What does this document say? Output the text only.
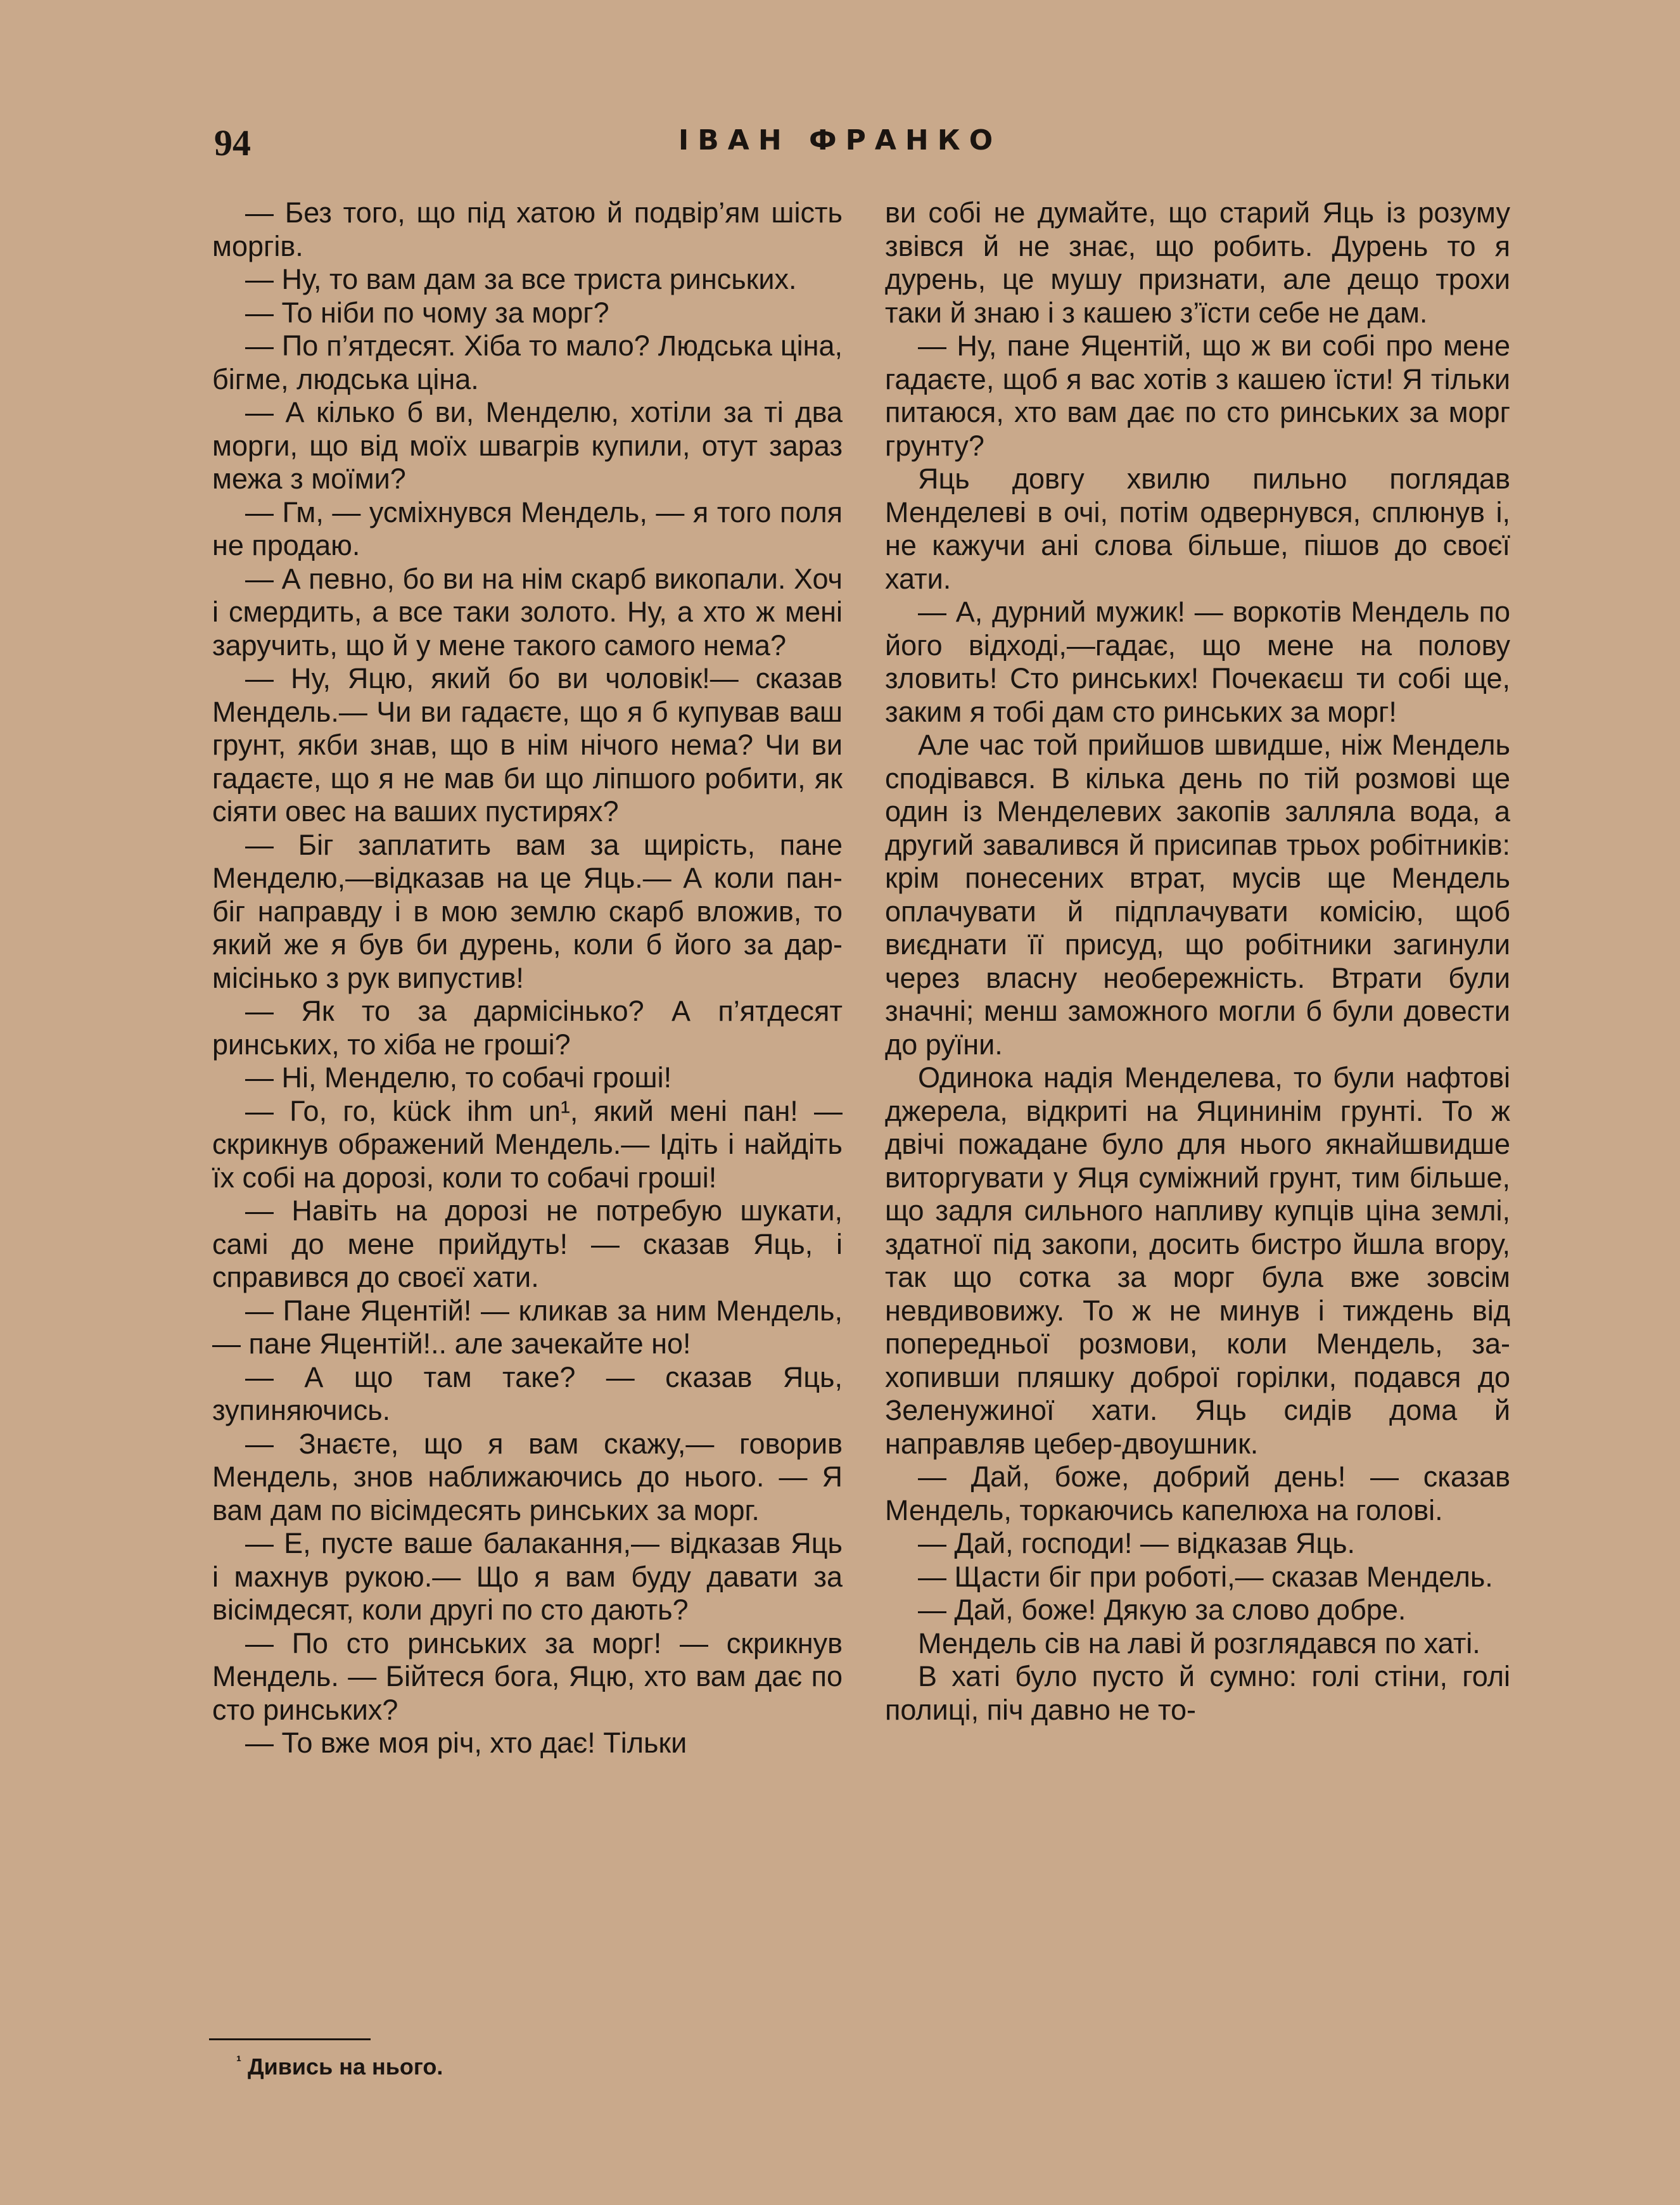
94	ІВАН ФРАНКО

— Без того, що під хатою й подвір’ям шість моргів.

— Ну, то вам дам за все триста ринських.

— То ніби по чому за морг?

— По п’ятдесят. Хіба то мало? Людська ціна, бігме, людська ціна.

— А кілько б ви, Менделю, хотіли за ті два морги, що від моїх швагрів купили, отут зараз межа з моїми?

— Гм, — усміхнувся Мендель, — я того поля не продаю.

— А певно, бо ви на нім скарб викопали. Хоч і смердить, а все таки золото. Ну, а хто ж мені заручить, що й у мене такого самого нема?

— Ну, Яцю, який бо ви чоловік!— сказав Мендель.— Чи ви гадаєте, що я б купував ваш грунт, якби знав, що в нім нічого нема? Чи ви гадаєте, що я не мав би що ліпшого робити, як сіяти овес на ваших пустирях?

— Біг заплатить вам за щирість, пане Менделю,—відказав на це Яць.— А коли пан-біг направду і в мою землю скарб вложив, то який же я був би дурень, коли б його за дармісінько з рук випустив!

— Як то за дармісінько? А п’ятдесят ринських, то хіба не гроші?

— Ні, Менделю, то собачі гроші!

— Го, го, kück ihm un¹, який мені пан! — скрикнув ображений Мендель.— Ідіть і найдіть їх собі на дорозі, коли то собачі гроші!

— Навіть на дорозі не потребую шукати, самі до мене прийдуть! — сказав Яць, і справився до своєї хати.

— Пане Яцентій! — кликав за ним Мендель,— пане Яцентій!.. але зачекайте но!

— А що там таке? — сказав Яць, зупиняючись.

— Знаєте, що я вам скажу,— говорив Мендель, знов наближаючись до нього. — Я вам дам по вісімдесять ринських за морг.

— Е, пусте ваше балакання,— відказав Яць і махнув рукою.— Що я вам буду давати за вісімдесят, коли другі по сто дають?

— По сто ринських за морг! — скрикнув Мендель. — Бійтеся бога, Яцю, хто вам дає по сто ринських?

— То вже моя річ, хто дає! Тільки

ви собі не думайте, що старий Яць із розуму звівся й не знає, що робить. Дурень то я дурень, це мушу признати, але дещо трохи таки й знаю і з кашею з’їсти себе не дам.

— Ну, пане Яцентій, що ж ви собі про мене гадаєте, щоб я вас хотів з кашею їсти! Я тільки питаюся, хто вам дає по сто ринських за морг грунту?

Яць довгу хвилю пильно поглядав Менделеві в очі, потім одвернувся, сплюнув і, не кажучи ані слова більше, пішов до своєї хати.

— А, дурний мужик! — воркотів Мендель по його відході,—гадає, що мене на полову зловить! Сто ринських! Почекаєш ти собі ще, заким я тобі дам сто ринських за морг!

Але час той прийшов швидше, ніж Мендель сподівався. В кілька день по тій розмові ще один із Менделевих закопів залляла вода, а другий завалився й присипав трьох робітників: крім понесених втрат, мусів ще Мендель оплачувати й підплачувати комісію, щоб виєднати її присуд, що робітники загинули через власну необережність. Втрати були значні; менш заможного могли б були довести до руїни.

Одинока надія Менделева, то були нафтові джерела, відкриті на Яцининім грунті. То ж двічі пожадане було для нього якнайшвидше виторгувати у Яця суміжний грунт, тим більше, що задля сильного напливу купців ціна землі, здатної під закопи, досить бистро йшла вгору, так що сотка за морг була вже зовсім невдивовижу. То ж не минув і тиждень від попередньої розмови, коли Мендель, захопивши пляшку доброї горілки, подався до Зеленужиної хати. Яць сидів дома й направляв цебер-двоушник.

— Дай, боже, добрий день! — сказав Мендель, торкаючись капелюха на голові.

— Дай, господи! — відказав Яць.

— Щасти біг при роботі,— сказав Мендель.

— Дай, боже! Дякую за слово добре.

Мендель сів на лаві й розглядався по хаті.

В хаті було пусто й сумно: голі стіни, голі полиці, піч давно не то-

$^{^1}$ Дивись на нього.
